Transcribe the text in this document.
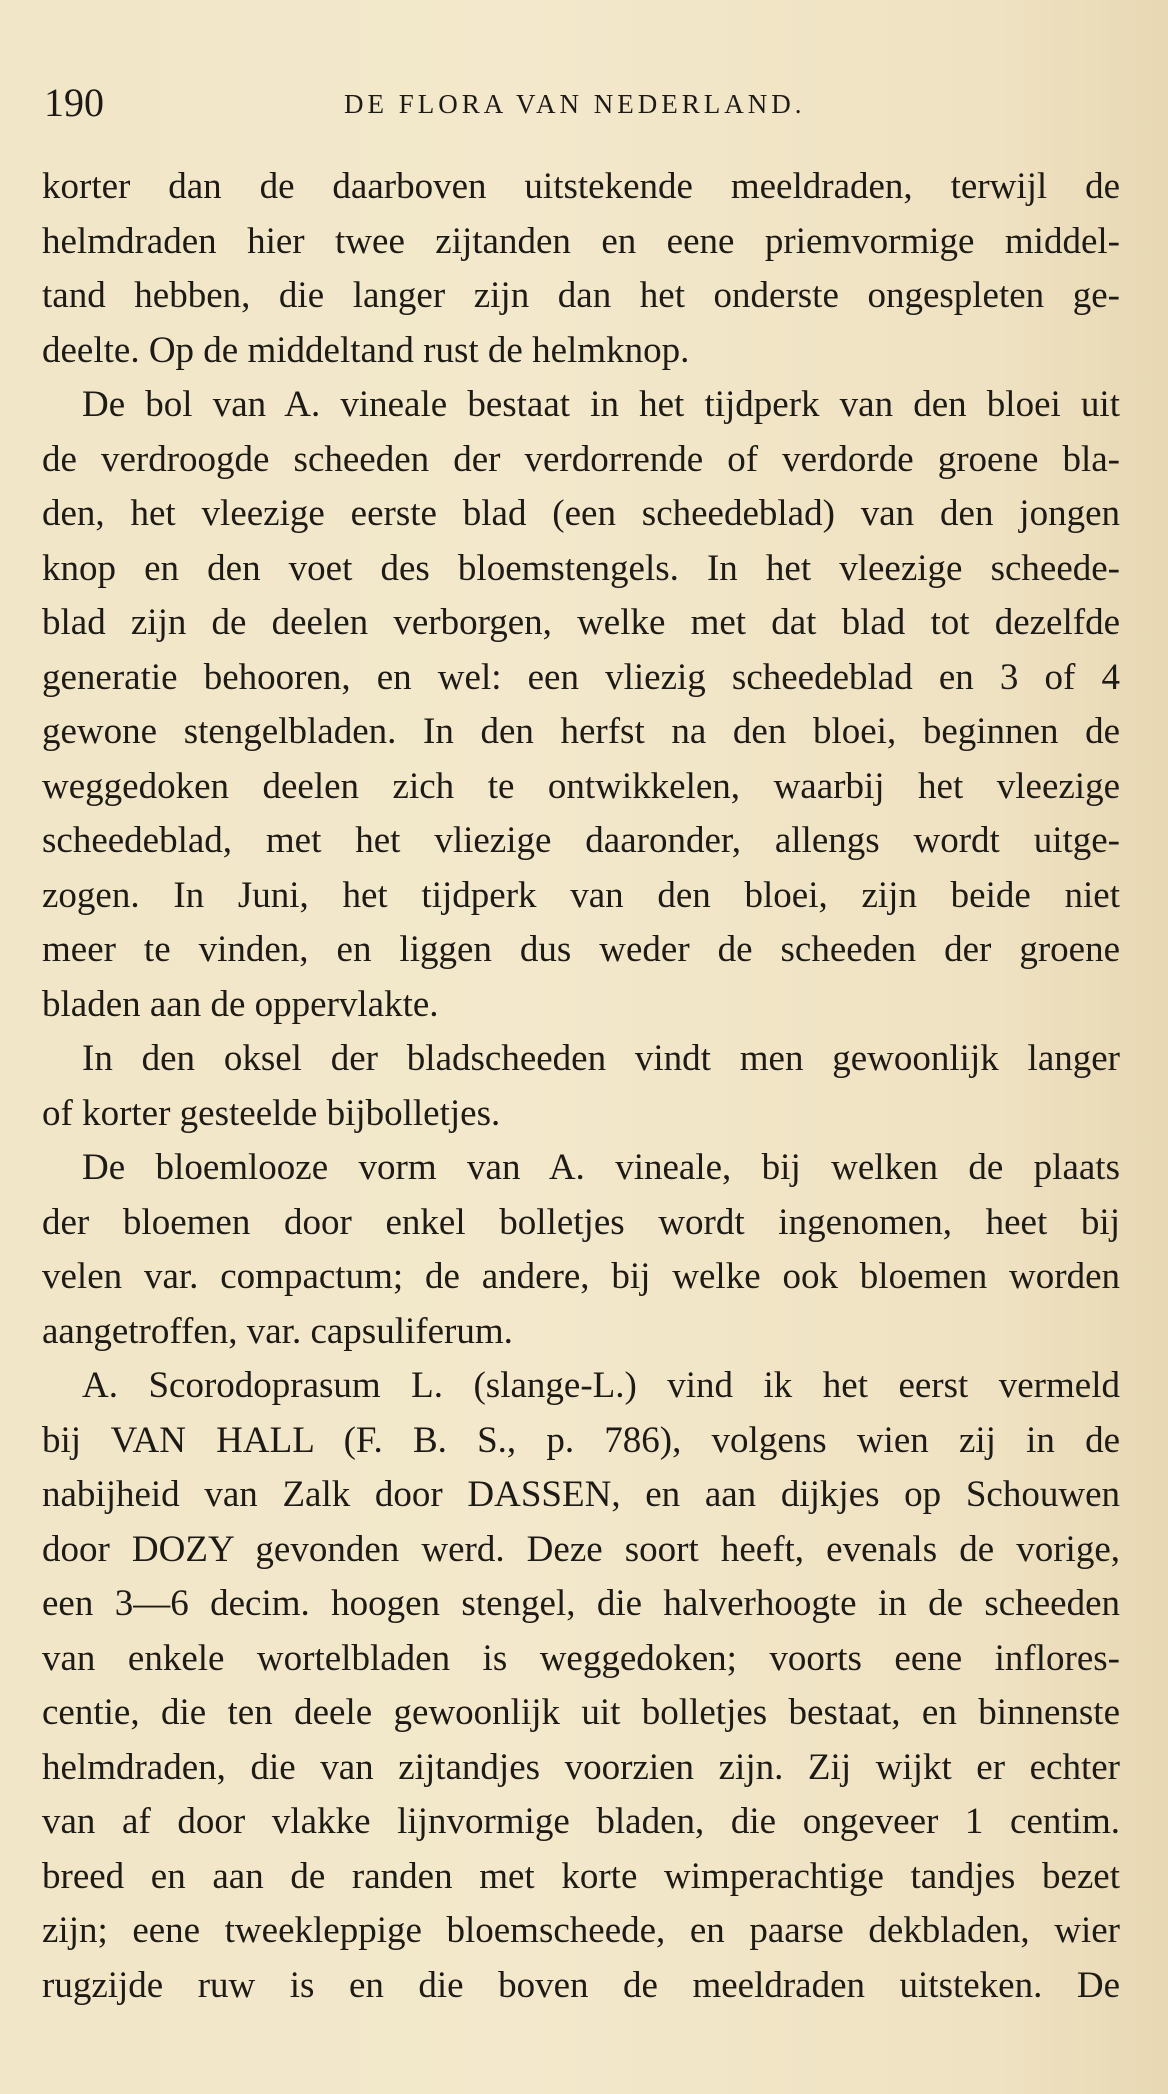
190	DE FLORA VAN NEDERLAND.
korter dan de daarboven uitstekende meeldraden, terwijl de
helmdraden hier twee zijtanden en eene priemvormige middel-
tand hebben, die langer zijn dan het onderste ongespleten ge-
deelte. Op de middeltand rust de helmknop.
De bol van A. vineale bestaat in het tijdperk van den bloei uit
de verdroogde scheeden der verdorrende of verdorde groene bla-
den, het vleezige eerste blad (een scheedeblad) van den jongen
knop en den voet des bloemstengels. In het vleezige scheede-
blad zijn de deelen verborgen, welke met dat blad tot dezelfde
generatie behooren, en wel: een vliezig scheedeblad en 3 of 4
gewone stengelbladen. In den herfst na den bloei, beginnen de
weggedoken deelen zich te ontwikkelen, waarbij het vleezige
scheedeblad, met het vliezige daaronder, allengs wordt uitge-
zogen. In Juni, het tijdperk van den bloei, zijn beide niet
meer te vinden, en liggen dus weder de scheeden der groene
bladen aan de oppervlakte.
In den oksel der bladscheeden vindt men gewoonlijk langer
of korter gesteelde bijbolletjes.
De bloemlooze vorm van A. vineale, bij welken de plaats
der bloemen door enkel bolletjes wordt ingenomen, heet bij
velen var. compactum; de andere, bij welke ook bloemen worden
aangetroffen, var. capsuliferum.
A. Scorodoprasum L. (slange-L.) vind ik het eerst vermeld
bij VAN HALL (F. B. S., p. 786), volgens wien zij in de
nabijheid van Zalk door DASSEN, en aan dijkjes op Schouwen
door DOZY gevonden werd. Deze soort heeft, evenals de vorige,
een 3—6 decim. hoogen stengel, die halverhoogte in de scheeden
van enkele wortelbladen is weggedoken; voorts eene inflores-
centie, die ten deele gewoonlijk uit bolletjes bestaat, en binnenste
helmdraden, die van zijtandjes voorzien zijn. Zij wijkt er echter
van af door vlakke lijnvormige bladen, die ongeveer 1 centim.
breed en aan de randen met korte wimperachtige tandjes bezet
zijn; eene tweekleppige bloemscheede, en paarse dekbladen, wier
rugzijde ruw is en die boven de meeldraden uitsteken. De
